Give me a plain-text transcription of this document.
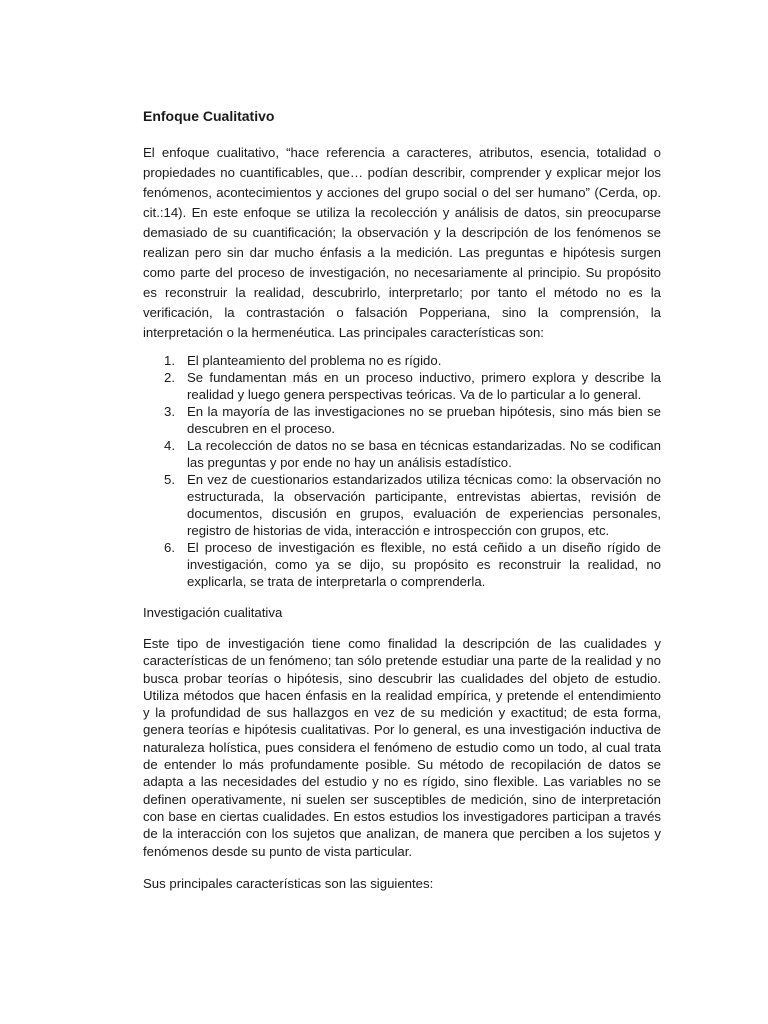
Enfoque Cualitativo

El enfoque cualitativo, “hace referencia a caracteres, atributos, esencia, totalidad o propiedades no cuantificables, que… podían describir, comprender y explicar mejor los fenómenos, acontecimientos y acciones del grupo social o del ser humano” (Cerda, op. cit.:14). En este enfoque se utiliza la recolección y análisis de datos, sin preocuparse demasiado de su cuantificación; la observación y la descripción de los fenómenos se realizan pero sin dar mucho énfasis a la medición. Las preguntas e hipótesis surgen como parte del proceso de investigación, no necesariamente al principio. Su propósito es reconstruir la realidad, descubrirlo, interpretarlo; por tanto el método no es la verificación, la contrastación o falsación Popperiana, sino la comprensión, la interpretación o la hermenéutica. Las principales características son:

1. El planteamiento del problema no es rígido.
2. Se fundamentan más en un proceso inductivo, primero explora y describe la realidad y luego genera perspectivas teóricas. Va de lo particular a lo general.
3. En la mayoría de las investigaciones no se prueban hipótesis, sino más bien se descubren en el proceso.
4. La recolección de datos no se basa en técnicas estandarizadas. No se codifican las preguntas y por ende no hay un análisis estadístico.
5. En vez de cuestionarios estandarizados utiliza técnicas como: la observación no estructurada, la observación participante, entrevistas abiertas, revisión de documentos, discusión en grupos, evaluación de experiencias personales, registro de historias de vida, interacción e introspección con grupos, etc.
6. El proceso de investigación es flexible, no está ceñido a un diseño rígido de investigación, como ya se dijo, su propósito es reconstruir la realidad, no explicarla, se trata de interpretarla o comprenderla.
Investigación cualitativa

Este tipo de investigación tiene como finalidad la descripción de las cualidades y características de un fenómeno; tan sólo pretende estudiar una parte de la realidad y no busca probar teorías o hipótesis, sino descubrir las cualidades del objeto de estudio. Utiliza métodos que hacen énfasis en la realidad empírica, y pretende el entendimiento y la profundidad de sus hallazgos en vez de su medición y exactitud; de esta forma, genera teorías e hipótesis cualitativas. Por lo general, es una investigación inductiva de naturaleza holística, pues considera el fenómeno de estudio como un todo, al cual trata de entender lo más profundamente posible. Su método de recopilación de datos se adapta a las necesidades del estudio y no es rígido, sino flexible. Las variables no se definen operativamente, ni suelen ser susceptibles de medición, sino de interpretación con base en ciertas cualidades. En estos estudios los investigadores participan a través de la interacción con los sujetos que analizan, de manera que perciben a los sujetos y fenómenos desde su punto de vista particular.

Sus principales características son las siguientes:
